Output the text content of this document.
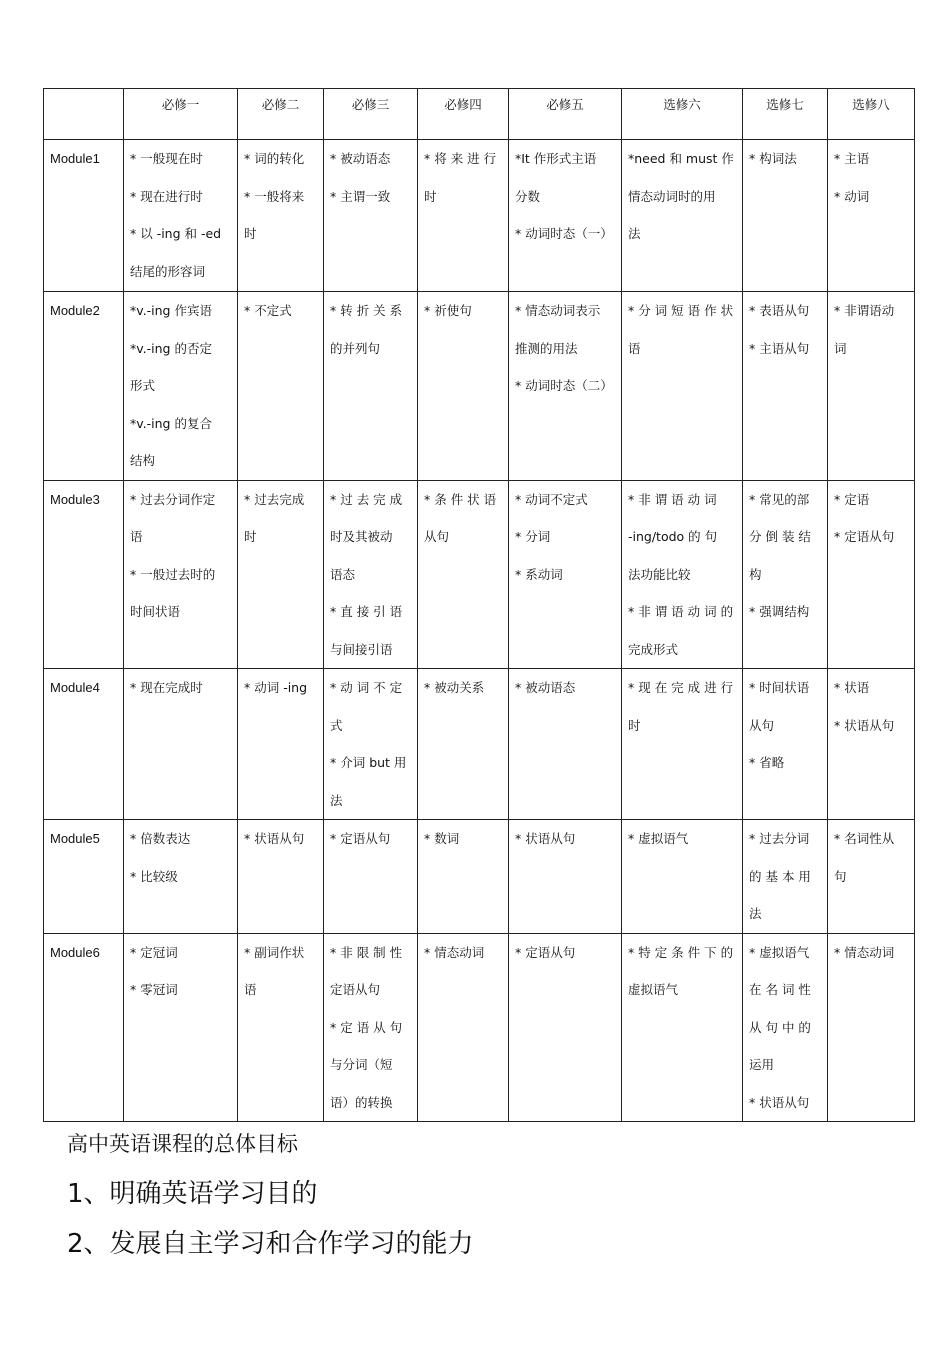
	必修一	必修二	必修三	必修四	必修五	选修六	选修七	选修八
Module1	* 一般现在时
* 现在进行时
* 以 -ing 和 -ed
结尾的形容词	* 词的转化
* 一般将来
时	* 被动语态
* 主谓一致	* 将 来 进 行
时	*It 作形式主语
分数
* 动词时态（一）	*need 和 must 作
情态动词时的用
法	* 构词法	* 主语
* 动词

Module2	*v.-ing 作宾语
*v.-ing 的否定
形式
*v.-ing 的复合
结构	* 不定式	* 转 折 关 系
的并列句	* 祈使句	* 情态动词表示
推测的用法
* 动词时态（二）	* 分 词 短 语 作 状
语	* 表语从句
* 主语从句	* 非谓语动
词

Module3	* 过去分词作定
语
* 一般过去时的
时间状语	* 过去完成
时	* 过 去 完 成
时及其被动
语态
* 直 接 引 语
与间接引语	* 条 件 状 语
从句	* 动词不定式
* 分词
* 系动词	* 非 谓 语 动 词
-ing/todo 的 句
法功能比较
* 非 谓 语 动 词 的
完成形式	* 常见的部
分 倒 装 结
构
* 强调结构	* 定语
* 定语从句

Module4	* 现在完成时	* 动词 -ing	* 动 词 不 定
式
* 介词 but 用
法	* 被动关系	* 被动语态	* 现 在 完 成 进 行
时	* 时间状语
从句
* 省略	* 状语
* 状语从句

Module5	* 倍数表达
* 比较级	* 状语从句	* 定语从句	* 数词	* 状语从句	* 虚拟语气	* 过去分词
的 基 本 用
法	* 名词性从
句

Module6	* 定冠词
* 零冠词	* 副词作状
语	* 非 限 制 性
定语从句
* 定 语 从 句
与分词（短
语）的转换	* 情态动词	* 定语从句	* 特 定 条 件 下 的
虚拟语气	* 虚拟语气
在 名 词 性
从 句 中 的
运用
* 状语从句	* 情态动词
高中英语课程的总体目标
1、明确英语学习目的
2、发展自主学习和合作学习的能力
